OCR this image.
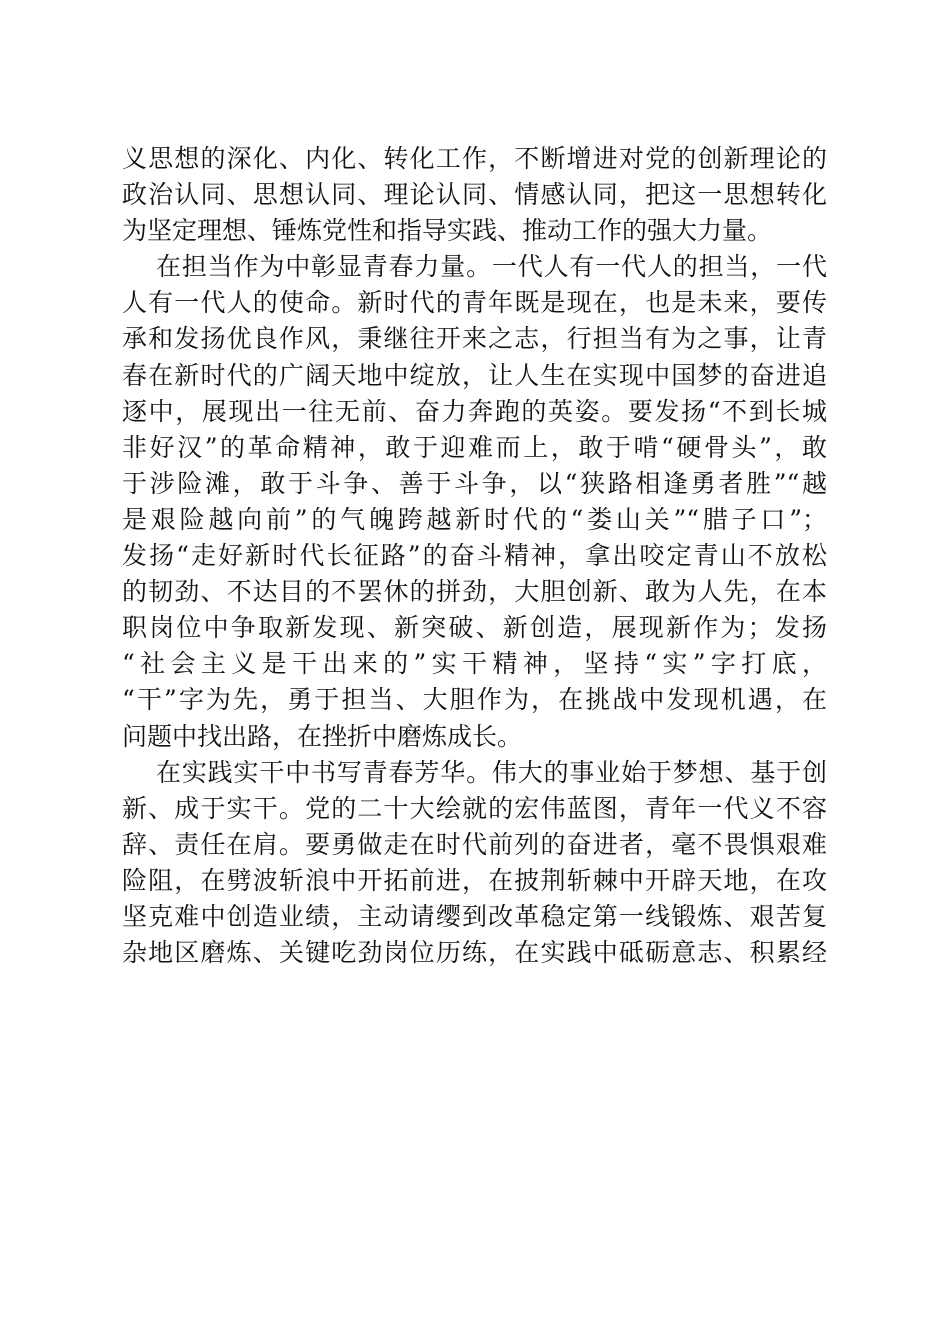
义思想的深化、内化、转化工作，不断增进对党的创新理论的
政治认同、思想认同、理论认同、情感认同，把这一思想转化
为坚定理想、锤炼党性和指导实践、推动工作的强大力量。
在担当作为中彰显青春力量。一代人有一代人的担当，一代
人有一代人的使命。新时代的青年既是现在，也是未来，要传
承和发扬优良作风，秉继往开来之志，行担当有为之事，让青
春在新时代的广阔天地中绽放，让人生在实现中国梦的奋进追
逐中，展现出一往无前、奋力奔跑的英姿。要发扬“不到长城
非好汉”的革命精神，敢于迎难而上，敢于啃“硬骨头”，敢
于涉险滩，敢于斗争、善于斗争，以“狭路相逢勇者胜”“越
是艰险越向前”的气魄跨越新时代的“娄山关”“腊子口”；
发扬“走好新时代长征路”的奋斗精神，拿出咬定青山不放松
的韧劲、不达目的不罢休的拼劲，大胆创新、敢为人先，在本
职岗位中争取新发现、新突破、新创造，展现新作为；发扬
“社会主义是干出来的”实干精神，坚持“实”字打底，
“干”字为先，勇于担当、大胆作为，在挑战中发现机遇，在
问题中找出路，在挫折中磨炼成长。
在实践实干中书写青春芳华。伟大的事业始于梦想、基于创
新、成于实干。党的二十大绘就的宏伟蓝图，青年一代义不容
辞、责任在肩。要勇做走在时代前列的奋进者，毫不畏惧艰难
险阻，在劈波斩浪中开拓前进，在披荆斩棘中开辟天地，在攻
坚克难中创造业绩，主动请缨到改革稳定第一线锻炼、艰苦复
杂地区磨炼、关键吃劲岗位历练，在实践中砥砺意志、积累经
